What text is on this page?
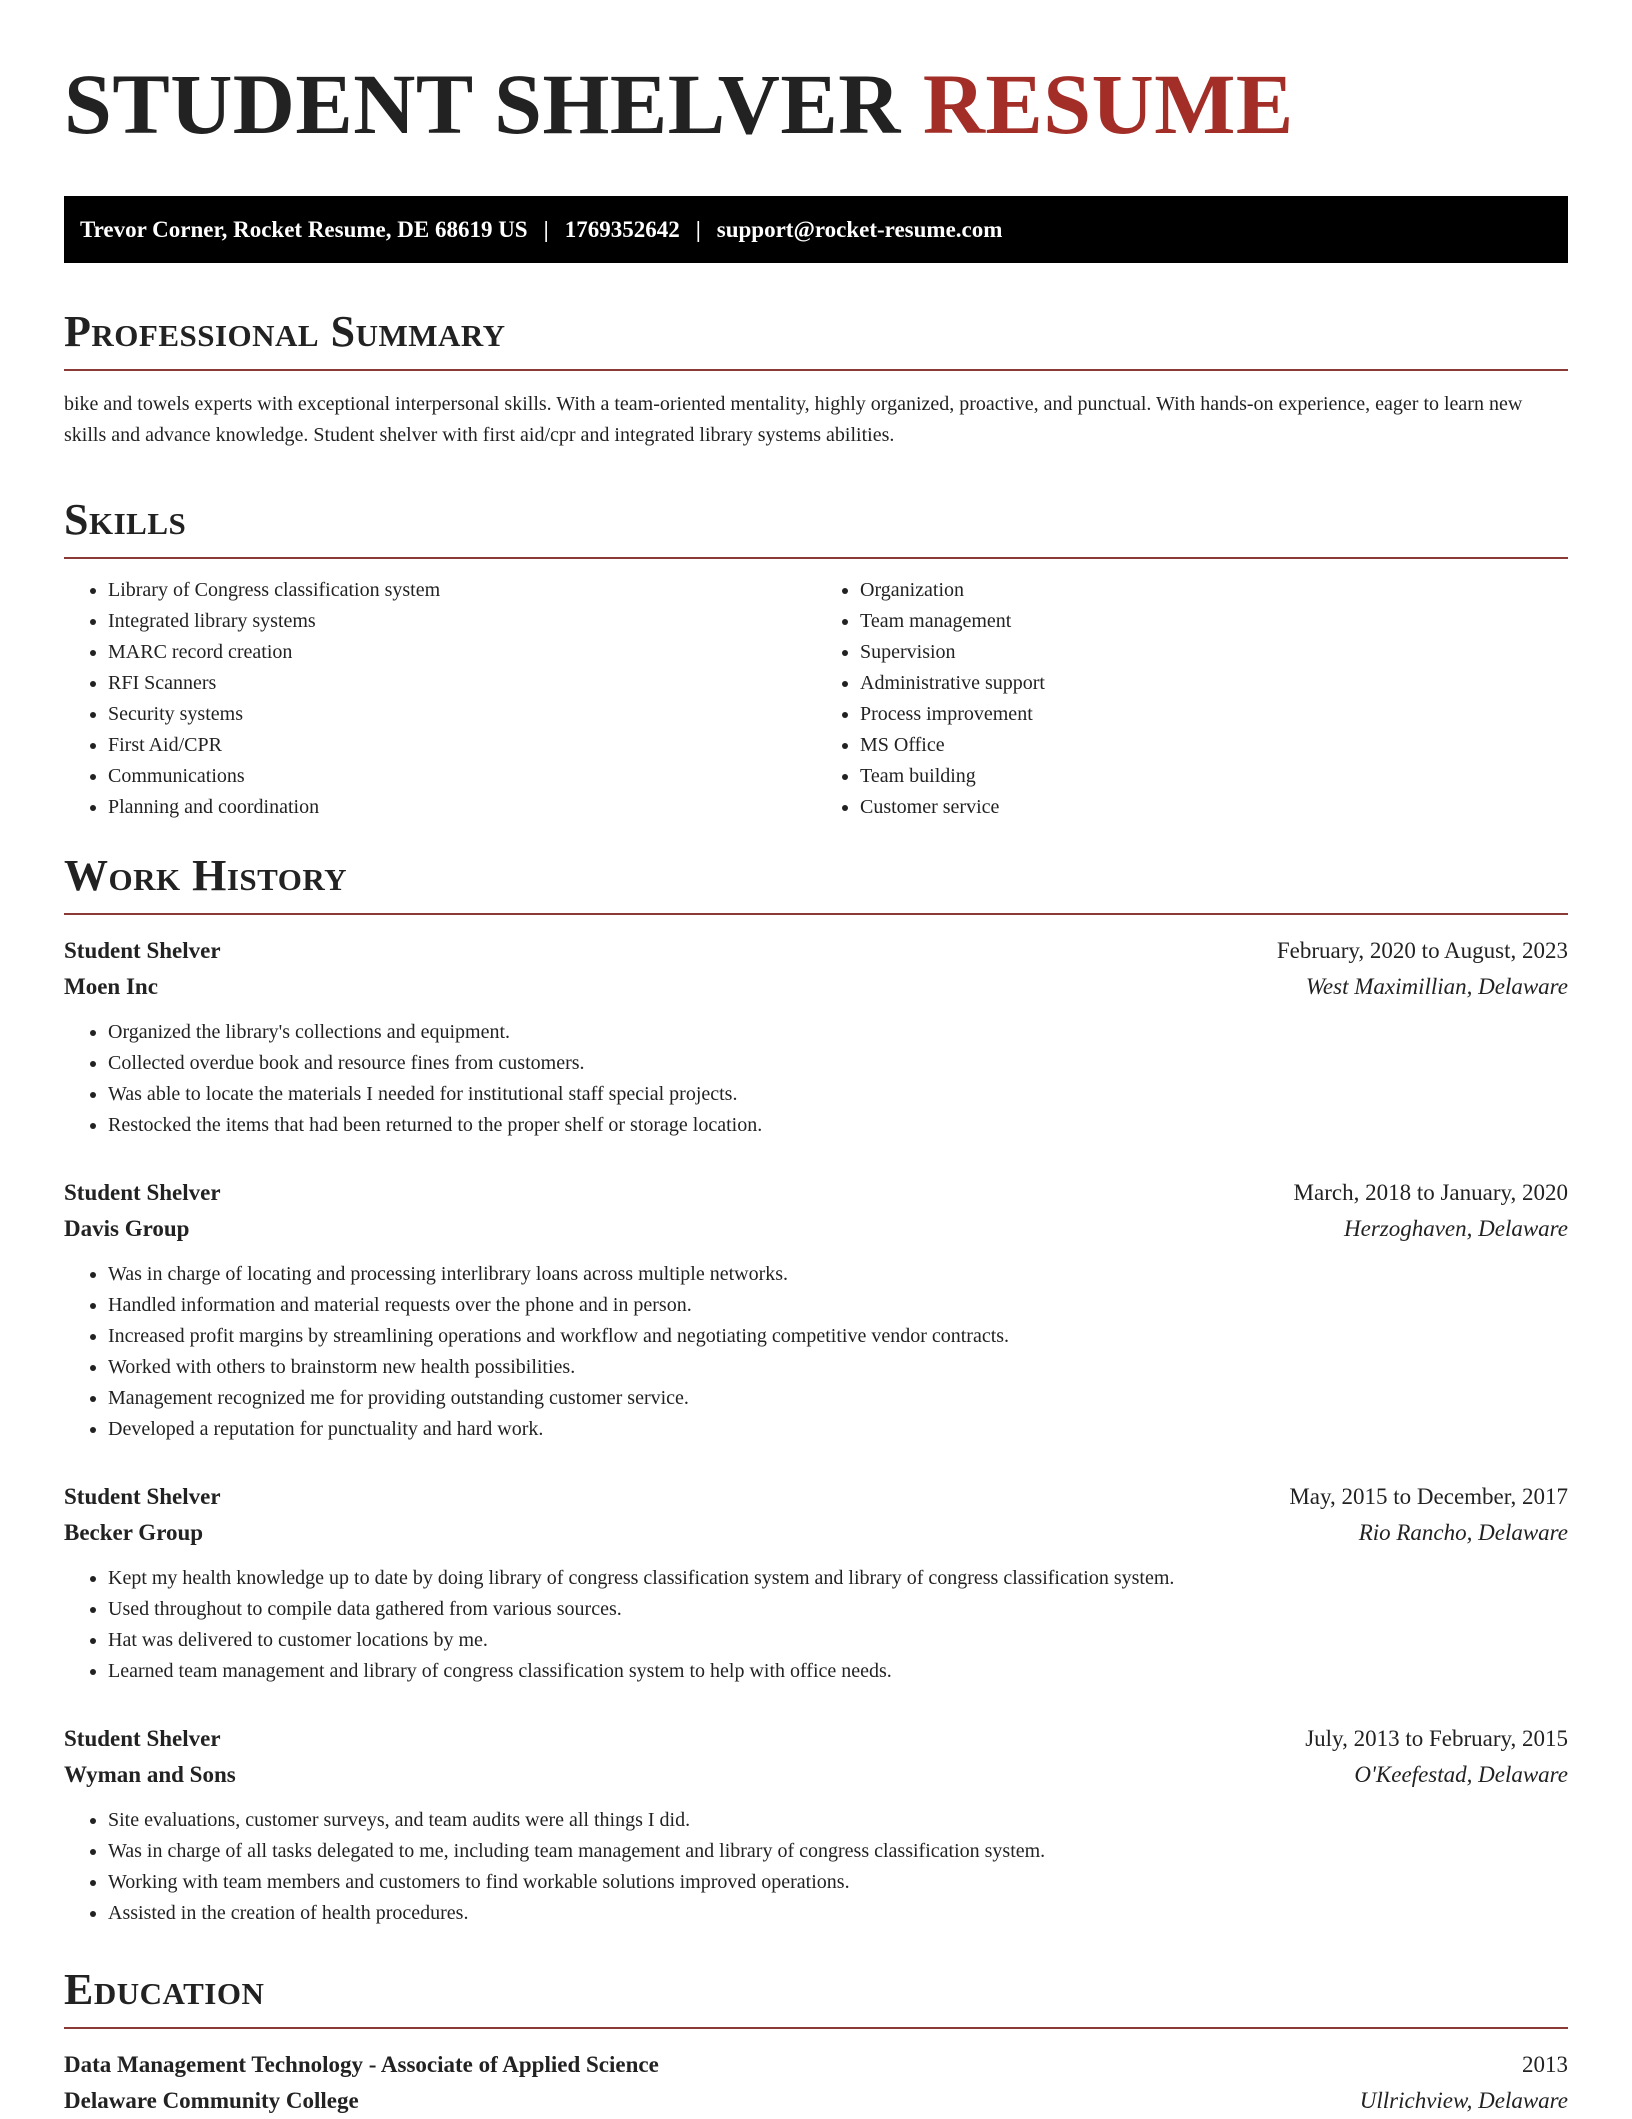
STUDENT SHELVER RESUME
Trevor Corner, Rocket Resume, DE 68619 US | 1769352642 | support@rocket-resume.com
Professional Summary

bike and towels experts with exceptional interpersonal skills. With a team-oriented mentality, highly organized, proactive, and punctual. With hands-on experience, eager to learn new skills and advance knowledge. Student shelver with first aid/cpr and integrated library systems abilities.

Skills
• Library of Congress classification system
• Integrated library systems
• MARC record creation
• RFI Scanners
• Security systems
• First Aid/CPR
• Communications
• Planning and coordination
• Organization
• Team management
• Supervision
• Administrative support
• Process improvement
• MS Office
• Team building
• Customer service
Work History
Student Shelver	February, 2020 to August, 2023
Moen Inc	West Maximillian, Delaware
• Organized the library's collections and equipment.
• Collected overdue book and resource fines from customers.
• Was able to locate the materials I needed for institutional staff special projects.
• Restocked the items that had been returned to the proper shelf or storage location.
Student Shelver	March, 2018 to January, 2020
Davis Group	Herzoghaven, Delaware
• Was in charge of locating and processing interlibrary loans across multiple networks.
• Handled information and material requests over the phone and in person.
• Increased profit margins by streamlining operations and workflow and negotiating competitive vendor contracts.
• Worked with others to brainstorm new health possibilities.
• Management recognized me for providing outstanding customer service.
• Developed a reputation for punctuality and hard work.
Student Shelver	May, 2015 to December, 2017
Becker Group	Rio Rancho, Delaware
• Kept my health knowledge up to date by doing library of congress classification system and library of congress classification system.
• Used throughout to compile data gathered from various sources.
• Hat was delivered to customer locations by me.
• Learned team management and library of congress classification system to help with office needs.
Student Shelver	July, 2013 to February, 2015
Wyman and Sons	O'Keefestad, Delaware
• Site evaluations, customer surveys, and team audits were all things I did.
• Was in charge of all tasks delegated to me, including team management and library of congress classification system.
• Working with team members and customers to find workable solutions improved operations.
• Assisted in the creation of health procedures.
Education
Data Management Technology - Associate of Applied Science	2013
Delaware Community College	Ullrichview, Delaware
